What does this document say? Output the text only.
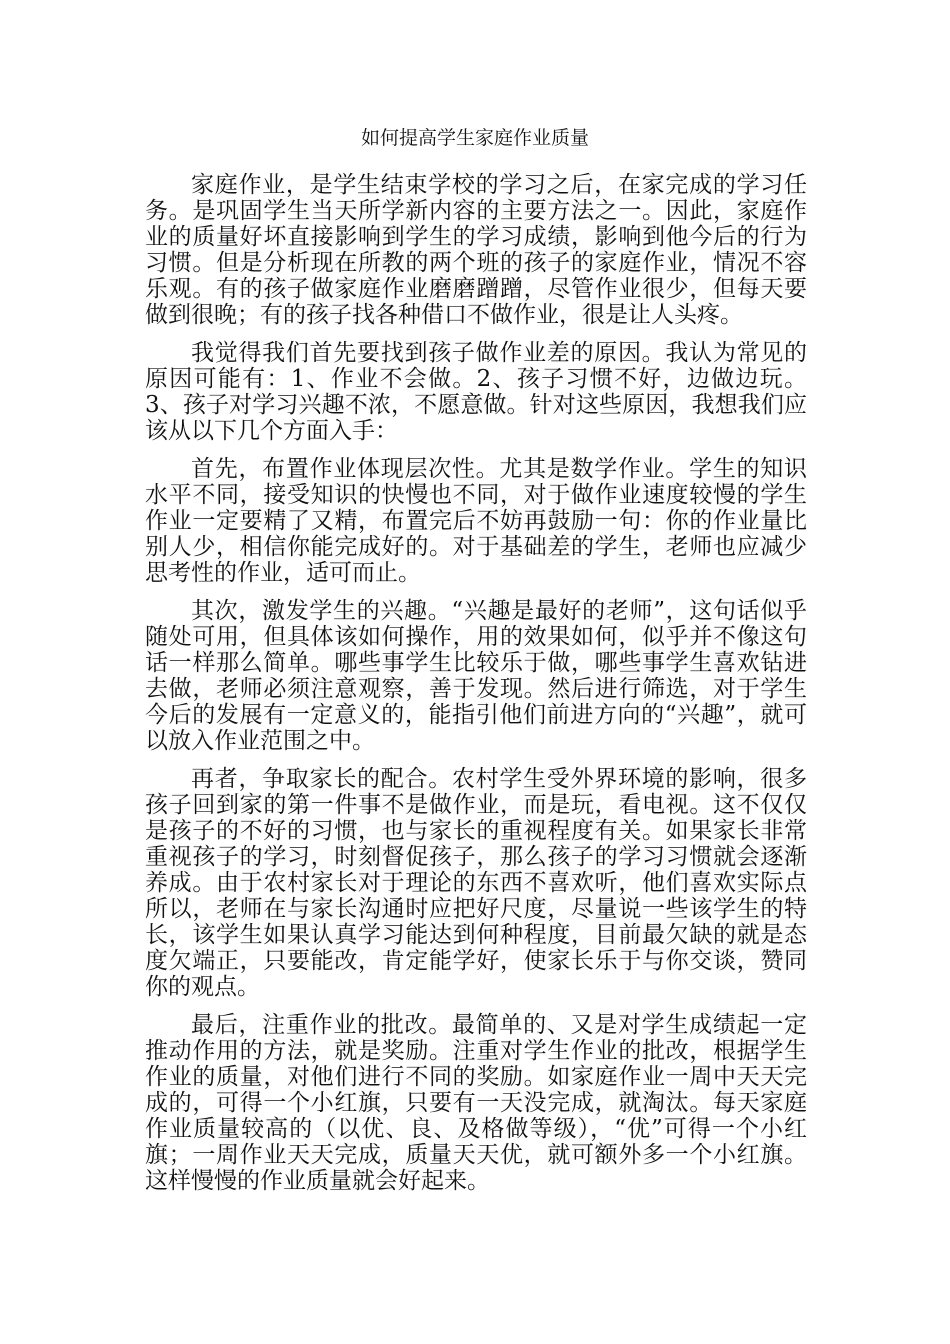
如何提高学生家庭作业质量

家庭作业，是学生结束学校的学习之后，在家完成的学习任务。是巩固学生当天所学新内容的主要方法之一。因此，家庭作业的质量好坏直接影响到学生的学习成绩，影响到他今后的行为习惯。但是分析现在所教的两个班的孩子的家庭作业，情况不容乐观。有的孩子做家庭作业磨磨蹭蹭，尽管作业很少，但每天要做到很晚；有的孩子找各种借口不做作业，很是让人头疼。

我觉得我们首先要找到孩子做作业差的原因。我认为常见的原因可能有：1、作业不会做。2、孩子习惯不好，边做边玩。3、孩子对学习兴趣不浓，不愿意做。针对这些原因，我想我们应该从以下几个方面入手：

首先，布置作业体现层次性。尤其是数学作业。学生的知识水平不同，接受知识的快慢也不同，对于做作业速度较慢的学生作业一定要精了又精，布置完后不妨再鼓励一句：你的作业量比别人少，相信你能完成好的。对于基础差的学生，老师也应减少思考性的作业，适可而止。

其次，激发学生的兴趣。“兴趣是最好的老师”，这句话似乎随处可用，但具体该如何操作，用的效果如何，似乎并不像这句话一样那么简单。哪些事学生比较乐于做，哪些事学生喜欢钻进去做，老师必须注意观察，善于发现。然后进行筛选，对于学生今后的发展有一定意义的，能指引他们前进方向的“兴趣”，就可以放入作业范围之中。

再者，争取家长的配合。农村学生受外界环境的影响，很多孩子回到家的第一件事不是做作业，而是玩，看电视。这不仅仅是孩子的不好的习惯，也与家长的重视程度有关。如果家长非常重视孩子的学习，时刻督促孩子，那么孩子的学习习惯就会逐渐养成。由于农村家长对于理论的东西不喜欢听，他们喜欢实际点所以，老师在与家长沟通时应把好尺度，尽量说一些该学生的特长，该学生如果认真学习能达到何种程度，目前最欠缺的就是态度欠端正，只要能改，肯定能学好，使家长乐于与你交谈，赞同你的观点。

最后，注重作业的批改。最简单的、又是对学生成绩起一定推动作用的方法，就是奖励。注重对学生作业的批改，根据学生作业的质量，对他们进行不同的奖励。如家庭作业一周中天天完成的，可得一个小红旗，只要有一天没完成，就淘汰。每天家庭作业质量较高的（以优、良、及格做等级），“优”可得一个小红旗；一周作业天天完成，质量天天优，就可额外多一个小红旗。这样慢慢的作业质量就会好起来。
